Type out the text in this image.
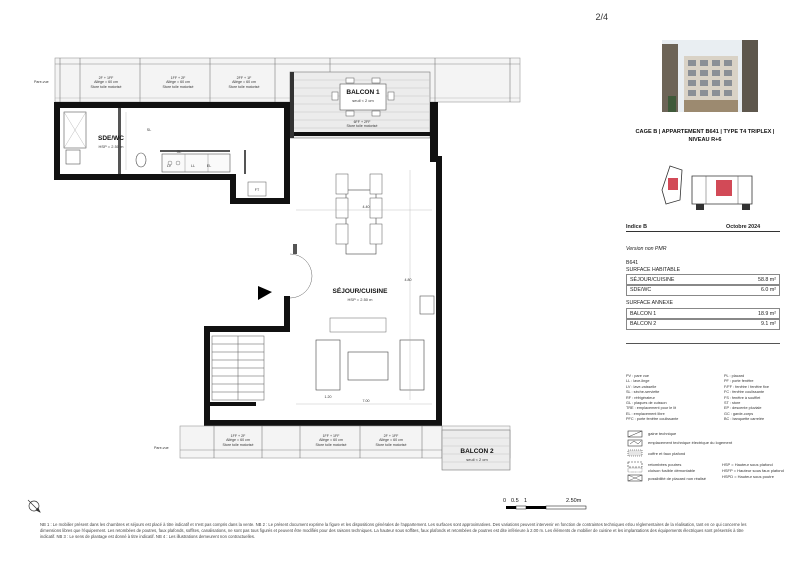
2/4
Pare-vue
Pare-vue
2F + 1FF
Allège = 60 cm
Store toile motorisé
1FF + 2F
Allège = 60 cm
Store toile motorisé
2FF + 1F
Allège = 60 cm
Store toile motorisé
6FF + 2FF
Store toile motorisé
1FF + 2F
Allège = 60 cm
Store toile motorisé
1FF + 1FF
Allège = 60 cm
Store toile motorisé
2F + 1FF
Allège = 60 cm
Store toile motorisé
BALCON 1
seuil < 2 cm
BALCON 2
seuil < 2 cm
SDE/WC
HSP = 2.50 m
SÉJOUR/CUISINE
HSP = 2.50 m
4.40
4.80
7.00
1.20
LV	LL	EL
SL
GL
FT
0 0.5 1	2.50m
CAGE B | APPARTEMENT B641 | TYPE T4 TRIPLEX |
NIVEAU R+6
Indice B	Octobre 2024
Version non PMR
B641
SURFACE HABITABLE
SÉJOUR/CUISINE	58.8 m²
SDE/WC	6.0 m²
SURFACE ANNEXE
BALCON 1	18.9 m²
BALCON 2	9.1 m²
PV : pare vue
LL : lave-linge
LV : lave-vaisselle
SL : sèche-serviette
RF : réfrigérateur
GL : plaques de cuisson
TRE : emplacement pour le lit
EL : emplacement libre
PFC : porte fenêtre coulissante
PL : placard
PF : porte fenêtre
F/FF : fenêtre / fenêtre fixe
FC : fenêtre coulissante
FS : fenêtre à soufflet
ST : store
EP : descente pluviale
GC : garde-corps
BC : banquette carrelée
gaine technique
emplacement technique électrique du logement
coffre et faux plafond
retombées poutres
cloison fusible démontable
possibilité de placard non réalisé
HSP = Hauteur sous plafond
HSFP = Hauteur sous faux plafond
HSPD = Hauteur sous poutre
NB 1 : Le mobilier présent dans les chambres et séjours est placé à titre indicatif et n'est pas compris dans la vente. NB 2 : Le présent document exprime la figure et les dispositions générales de l'appartement. Les surfaces sont approximatives. Des variations peuvent intervenir en fonction de contraintes techniques et/ou réglementaires de la réalisation, tant en ce qui concerne les dimensions libres que l'équipement. Les retombées de poutres, faux plafonds, soffites, canalisations, ne sont pas tous figurés et peuvent être modifiés pour des raisons techniques. La hauteur sous soffites, faux plafonds et retombées de poutres est dite inférieure à 2.00 m. Les éléments de mobilier de cuisine et les implantations des équipements électriques sont présentés à titre indicatif. NB 3 : Le sens de plantage est donné à titre indicatif. NB 4 : Les illustrations demeurent non contractuelles.
